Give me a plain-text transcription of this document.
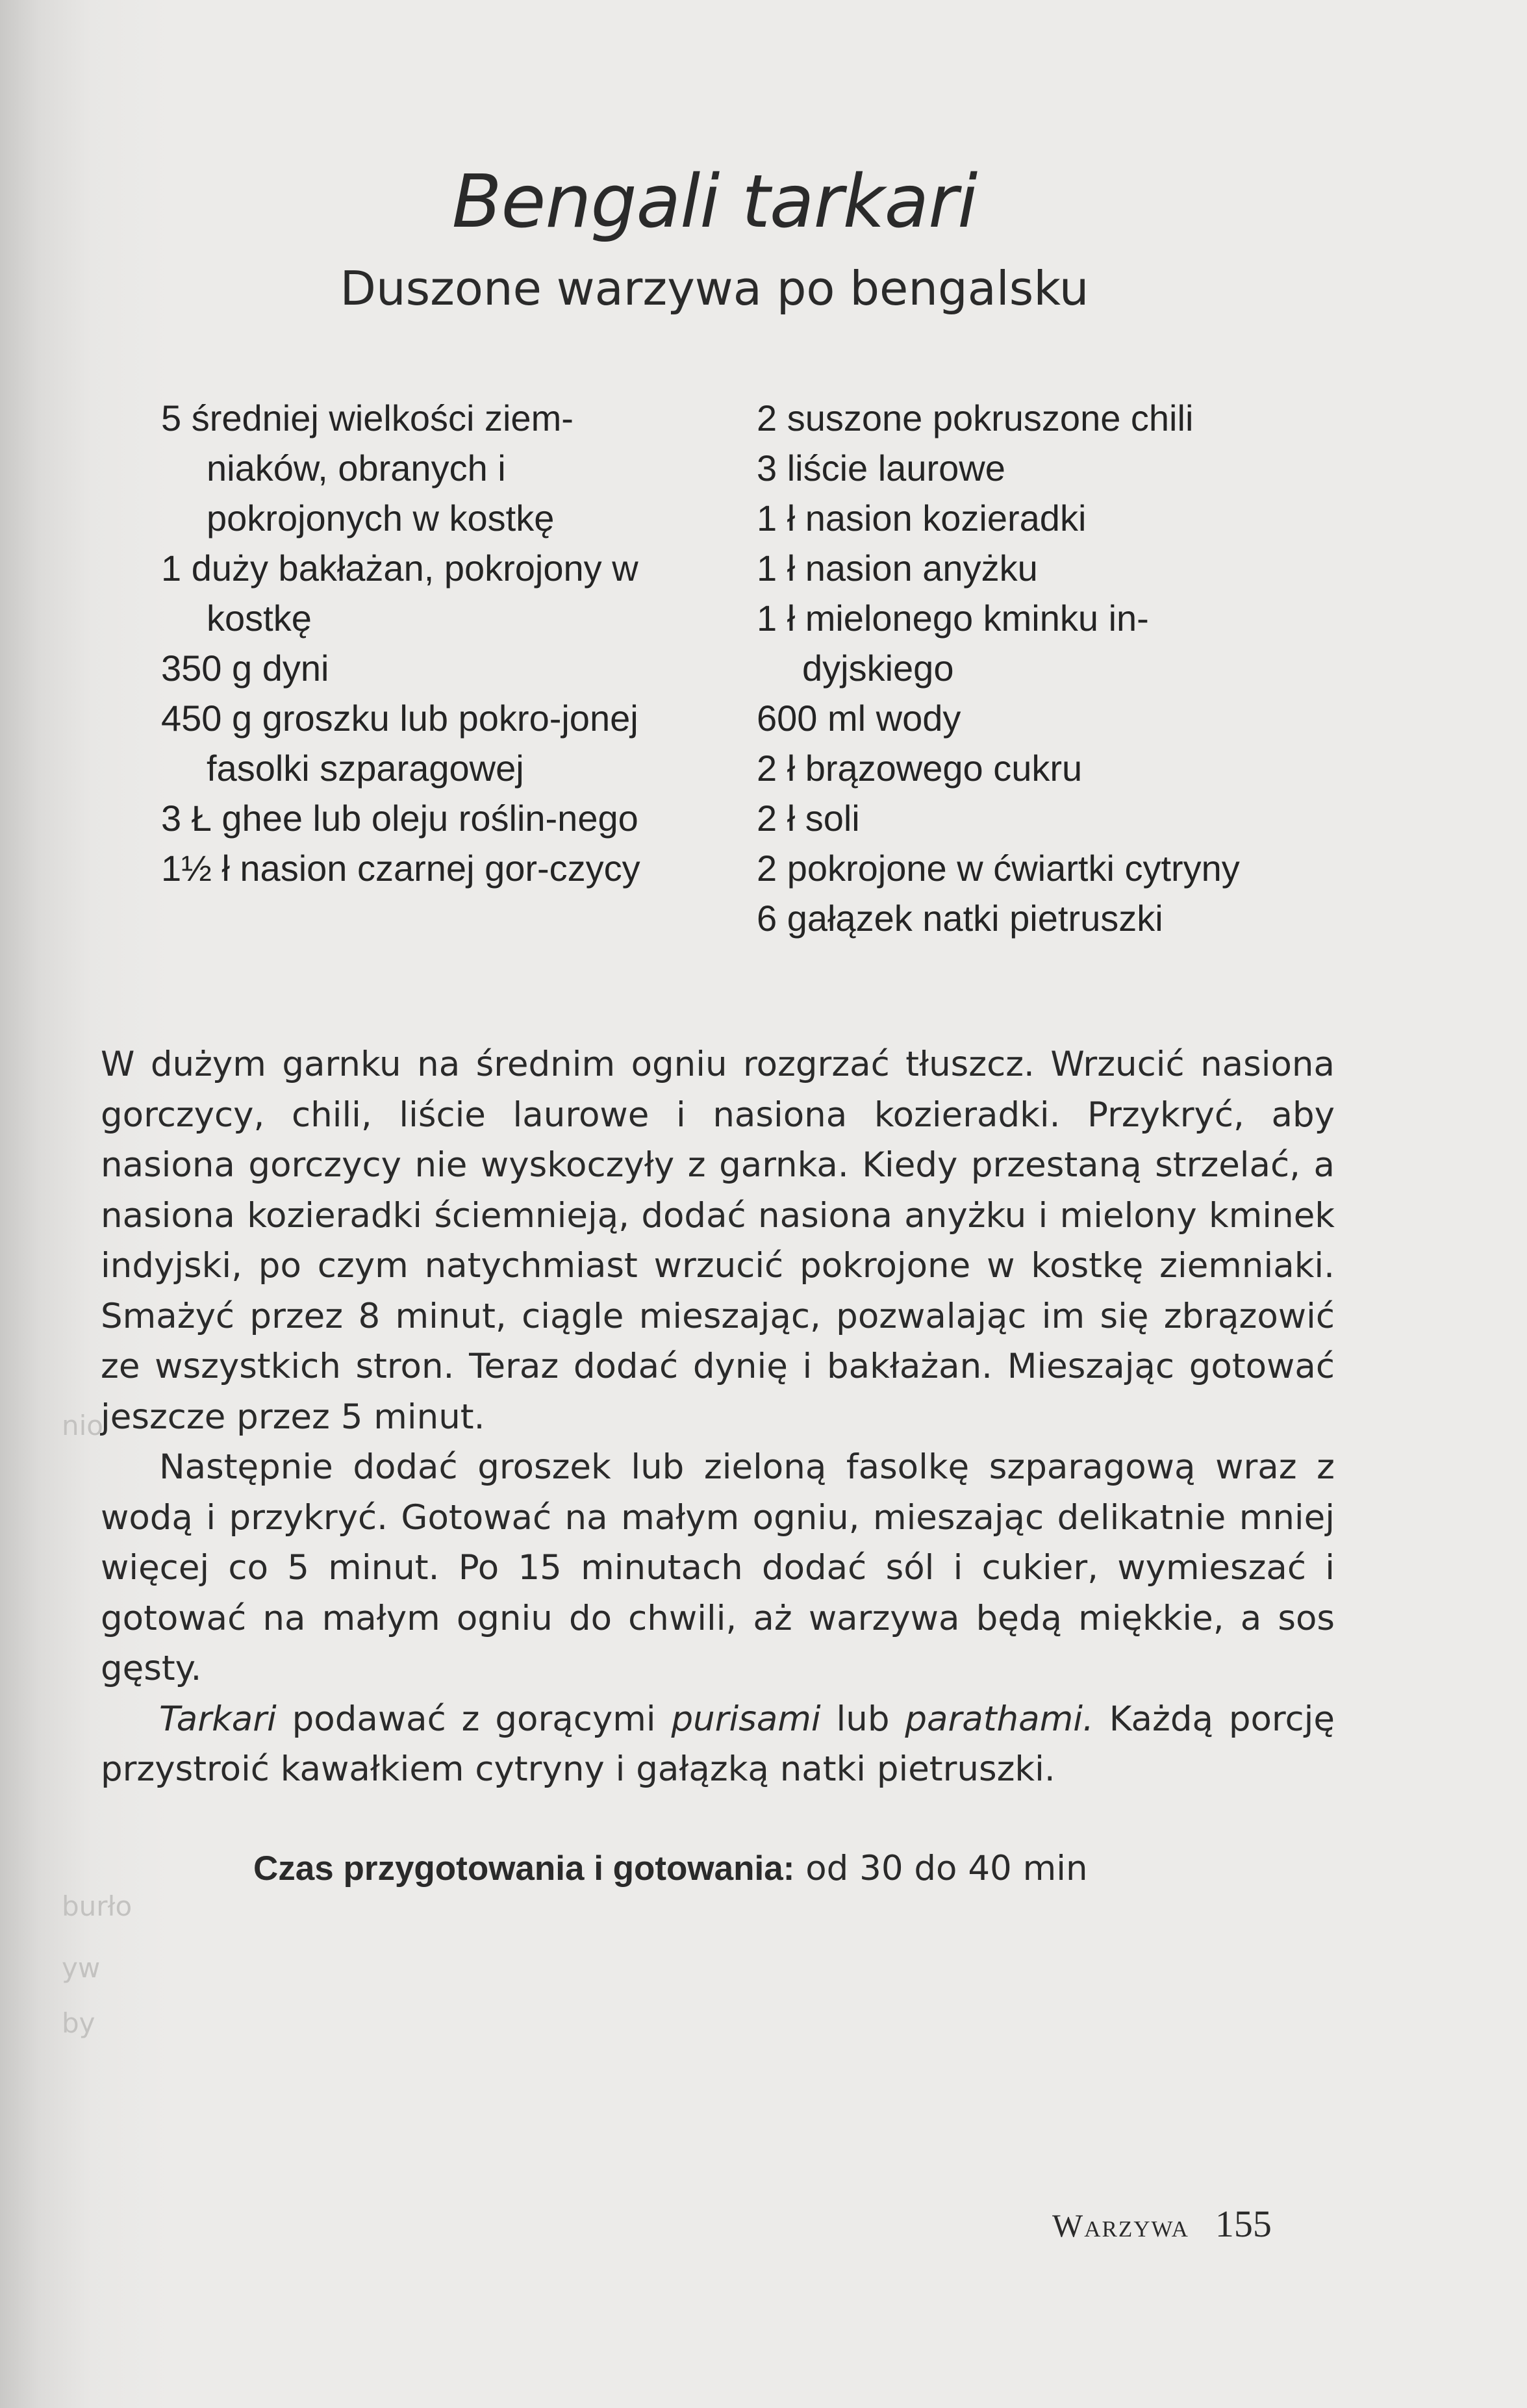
Bengali tarkari
Duszone warzywa po bengalsku
5 średniej wielkości ziem-niaków, obranych i pokrojonych w kostkę
1 duży bakłażan, pokrojony w kostkę
350 g dyni
450 g groszku lub pokro-jonej fasolki szparagowej
3 Ł ghee lub oleju roślin-nego
1½ ł nasion czarnej gor-czycy
2 suszone pokruszone chili
3 liście laurowe
1 ł nasion kozieradki
1 ł nasion anyżku
1 ł mielonego kminku in-dyjskiego
600 ml wody
2 ł brązowego cukru
2 ł soli
2 pokrojone w ćwiartki cytryny
6 gałązek natki pietruszki

W dużym garnku na średnim ogniu rozgrzać tłuszcz. Wrzucić nasiona gorczycy, chili, liście laurowe i nasiona kozieradki. Przykryć, aby nasiona gorczycy nie wyskoczyły z garnka. Kiedy przestaną strzelać, a nasiona kozieradki ściemnieją, dodać nasiona anyżku i mielony kminek indyjski, po czym natychmiast wrzucić pokrojone w kostkę ziemniaki. Smażyć przez 8 minut, ciągle mieszając, pozwalając im się zbrązowić ze wszystkich stron. Teraz dodać dynię i bakłażan. Mieszając gotować jeszcze przez 5 minut.

Następnie dodać groszek lub zieloną fasolkę szparagową wraz z wodą i przykryć. Gotować na małym ogniu, mieszając delikatnie mniej więcej co 5 minut. Po 15 minutach dodać sól i cukier, wymieszać i gotować na małym ogniu do chwili, aż warzywa będą miękkie, a sos gęsty.

Tarkari podawać z gorącymi purisami lub parathami. Każdą porcję przystroić kawałkiem cytryny i gałązką natki pietruszki.

Czas przygotowania i gotowania: od 30 do 40 min
Warzywa 155
nio
burło
yw
by
